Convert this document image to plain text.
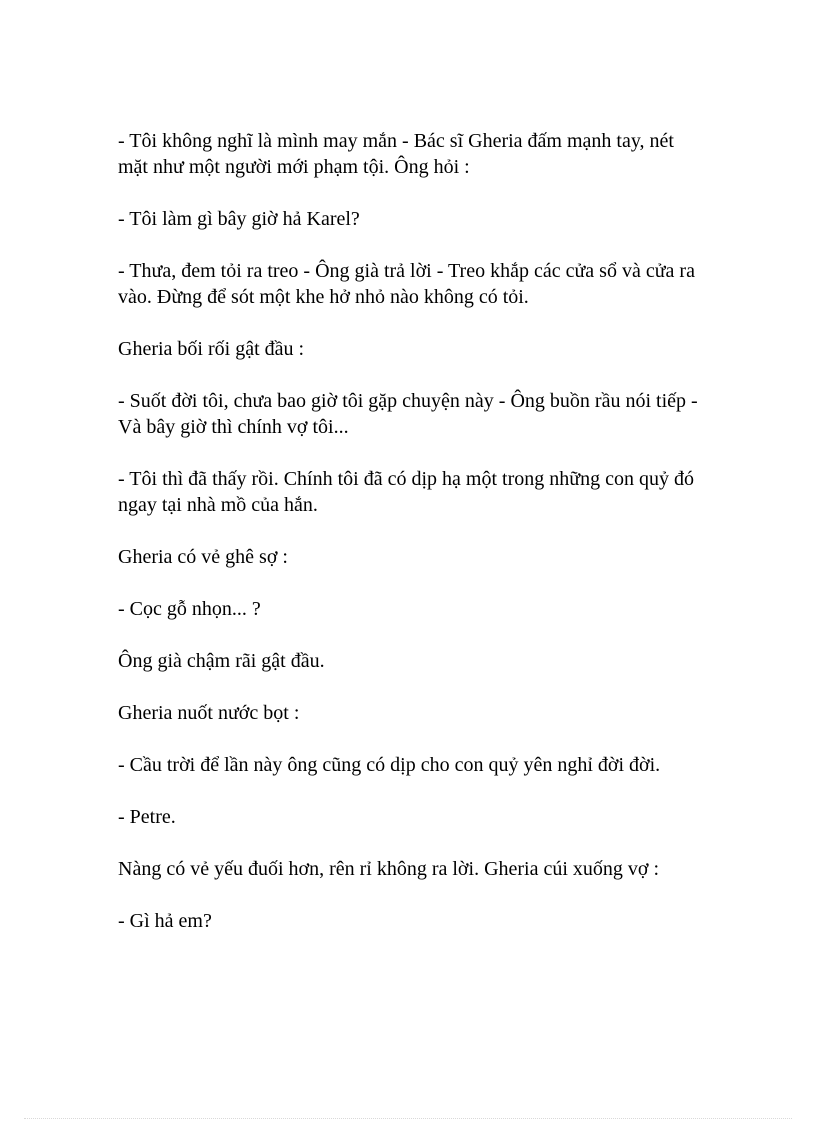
- Tôi không nghĩ là mình may mắn - Bác sĩ Gheria đấm mạnh tay, nét mặt như một người mới phạm tội. Ông hỏi :

- Tôi làm gì bây giờ hả Karel?

- Thưa, đem tỏi ra treo - Ông già trả lời - Treo khắp các cửa sổ và cửa ra vào. Đừng để sót một khe hở nhỏ nào không có tỏi.

Gheria bối rối gật đầu :

- Suốt đời tôi, chưa bao giờ tôi gặp chuyện này - Ông buồn rầu nói tiếp - Và bây giờ thì chính vợ tôi...

- Tôi thì đã thấy rồi. Chính tôi đã có dịp hạ một trong những con quỷ đó ngay tại nhà mồ của hắn.

Gheria có vẻ ghê sợ :

- Cọc gỗ nhọn... ?

Ông già chậm rãi gật đầu.

Gheria nuốt nước bọt :

- Cầu trời để lần này ông cũng có dịp cho con quỷ yên nghỉ đời đời.

- Petre.

Nàng có vẻ yếu đuối hơn, rên rỉ không ra lời. Gheria cúi xuống vợ :

- Gì hả em?
